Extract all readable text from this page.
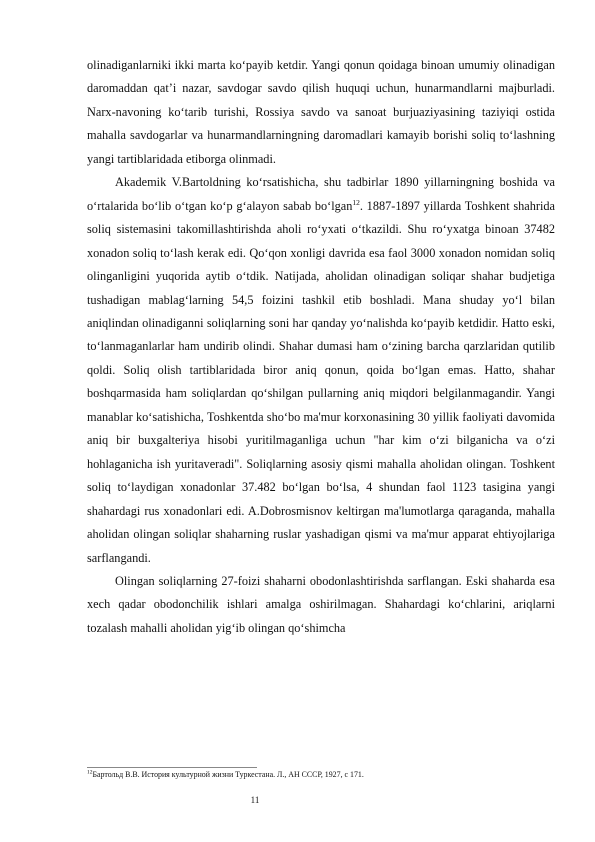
olinadiganlarniki ikki marta ko‘payib ketdir. Yangi qonun qoidaga binoan umumiy olinadigan daromaddan qat’i nazar, savdogar savdo qilish huquqi uchun, hunarmandlarni majburladi. Narx-navoning ko‘tarib turishi, Rossiya savdo va sanoat burjuaziyasining taziyiqi ostida mahalla savdogarlar va hunarmandlarningning daromadlari kamayib borishi soliq to‘lashning yangi tartiblaridada etiborga olinmadi.

Akademik V.Bartoldning ko‘rsatishicha, shu tadbirlar 1890 yillarningning boshida va o‘rtalarida bo‘lib o‘tgan ko‘p g‘alayon sabab bo‘lgan$^{12}$. 1887-1897 yillarda Toshkent shahrida soliq sistemasini takomillashtirishda aholi ro‘yxati o‘tkazildi. Shu ro‘yxatga binoan 37482 xonadon soliq to‘lash kerak edi. Qo‘qon xonligi davrida esa faol 3000 xonadon nomidan soliq olinganligini yuqorida aytib o‘tdik. Natijada, aholidan olinadigan soliqar shahar budjetiga tushadigan mablag‘larning 54,5 foizini tashkil etib boshladi. Mana shuday yo‘l bilan aniqlindan olinadiganni soliqlarning soni har qanday yo‘nalishda ko‘payib ketdidir. Hatto eski, to‘lanmaganlarlar ham undirib olindi. Shahar dumasi ham o‘zining barcha qarzlaridan qutilib qoldi. Soliq olish tartiblaridada biror aniq qonun, qoida bo‘lgan emas. Hatto, shahar boshqarmasida ham soliqlardan qo‘shilgan pullarning aniq miqdori belgilanmagandir. Yangi manablar ko‘satishicha, Toshkentda sho‘bo ma'mur korxonasining 30 yillik faoliyati davomida aniq bir buxgalteriya hisobi yuritilmaganliga uchun "har kim o‘zi bilganicha va o‘zi hohlaganicha ish yuritaveradi". Soliqlarning asosiy qismi mahalla aholidan olingan. Toshkent soliq to‘laydigan xonadonlar 37.482 bo‘lgan bo‘lsa, 4 shundan faol 1123 tasigina yangi shahardagi rus xonadonlari edi. A.Dobrosmisnov keltirgan ma'lumotlarga qaraganda, mahalla aholidan olingan soliqlar shaharning ruslar yashadigan qismi va ma'mur apparat ehtiyojlariga sarflangandi.

Olingan soliqlarning 27-foizi shaharni obodonlashtirishda sarflangan. Eski shaharda esa xech qadar obodonchilik ishlari amalga oshirilmagan. Shahardagi ko‘chlarini, ariqlarni tozalash mahalli aholidan yig‘ib olingan qo‘shimcha

$^{12}$Бартольд В.В. История культурной жизни Туркестана. Л., АН СССР, 1927, с 171.
11
